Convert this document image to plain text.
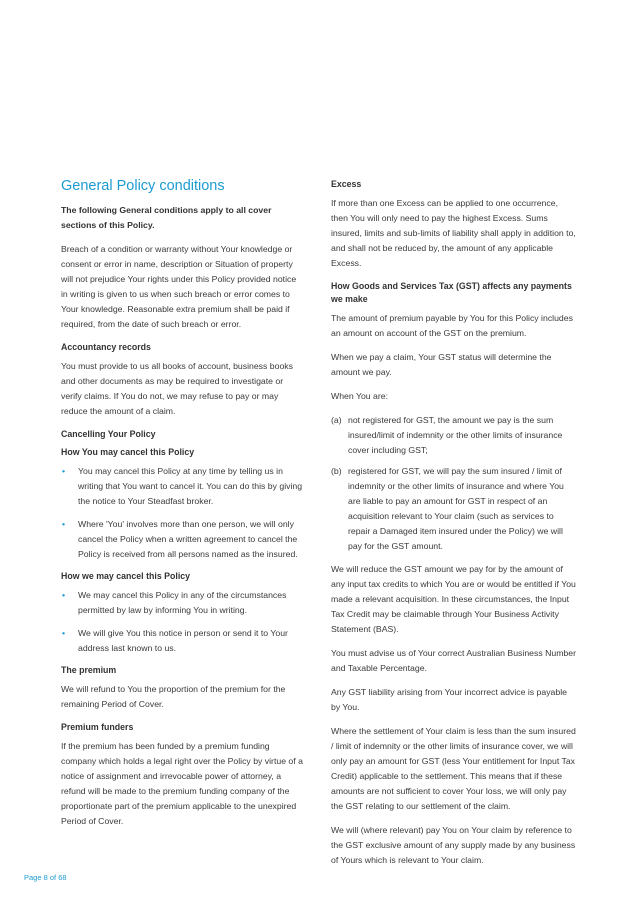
General Policy conditions

The following General conditions apply to all cover sections of this Policy.

Breach of a condition or warranty without Your knowledge or consent or error in name, description or Situation of property will not prejudice Your rights under this Policy provided notice in writing is given to us when such breach or error comes to Your knowledge. Reasonable extra premium shall be paid if required, from the date of such breach or error.

Accountancy records

You must provide to us all books of account, business books and other documents as may be required to investigate or verify claims. If You do not, we may refuse to pay or may reduce the amount of a claim.

Cancelling Your Policy
How You may cancel this Policy
• You may cancel this Policy at any time by telling us in writing that You want to cancel it. You can do this by giving the notice to Your Steadfast broker.
• Where 'You' involves more than one person, we will only cancel the Policy when a written agreement to cancel the Policy is received from all persons named as the insured.
How we may cancel this Policy
• We may cancel this Policy in any of the circumstances permitted by law by informing You in writing.
• We will give You this notice in person or send it to Your address last known to us.
The premium

We will refund to You the proportion of the premium for the remaining Period of Cover.

Premium funders

If the premium has been funded by a premium funding company which holds a legal right over the Policy by virtue of a notice of assignment and irrevocable power of attorney, a refund will be made to the premium funding company of the proportionate part of the premium applicable to the unexpired Period of Cover.

Excess

If more than one Excess can be applied to one occurrence, then You will only need to pay the highest Excess. Sums insured, limits and sub-limits of liability shall apply in addition to, and shall not be reduced by, the amount of any applicable Excess.

How Goods and Services Tax (GST) affects any payments we make

The amount of premium payable by You for this Policy includes an amount on account of the GST on the premium.

When we pay a claim, Your GST status will determine the amount we pay.

When You are:

(a) not registered for GST, the amount we pay is the sum insured/limit of indemnity or the other limits of insurance cover including GST;
(b) registered for GST, we will pay the sum insured / limit of indemnity or the other limits of insurance and where You are liable to pay an amount for GST in respect of an acquisition relevant to Your claim (such as services to repair a Damaged item insured under the Policy) we will pay for the GST amount.

We will reduce the GST amount we pay for by the amount of any input tax credits to which You are or would be entitled if You made a relevant acquisition. In these circumstances, the Input Tax Credit may be claimable through Your Business Activity Statement (BAS).

You must advise us of Your correct Australian Business Number and Taxable Percentage.

Any GST liability arising from Your incorrect advice is payable by You.

Where the settlement of Your claim is less than the sum insured / limit of indemnity or the other limits of insurance cover, we will only pay an amount for GST (less Your entitlement for Input Tax Credit) applicable to the settlement. This means that if these amounts are not sufficient to cover Your loss, we will only pay the GST relating to our settlement of the claim.

We will (where relevant) pay You on Your claim by reference to the GST exclusive amount of any supply made by any business of Yours which is relevant to Your claim.

Page 8 of 68
